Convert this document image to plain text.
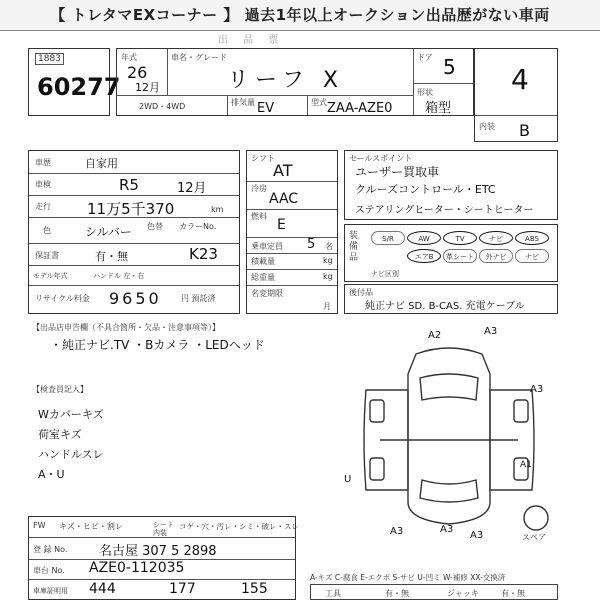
【 トレタマEXコーナー 】 過去1年以上オークション出品歴がない車両
出 品 票
1883
60277
年式
26
12月
車名・グレード
リーフ X
ドア 5
形状
箱型
2WD・4WD	排気量 EV	型式 ZAA-AZE0
4
内装 B
車歴	自家用
車検	R5	12月
走行 11万5千370	km
色	シルバー 色替 カラーNo.
保証書	有・無	K23
モデル年式	ハンドル 左・右
リサイクル料金 9650 円 預託済
シフト
AT
冷房
AAC
燃料
E
乗車定員 5 名
積載量	kg
総重量	kg
名変期限
月
セールスポイント
ユーザー買取車
クルーズコントロール・ETC
ステアリングヒーター・シートヒーター
装備品
S/R	AW	TV	ナビ	ABS
エアB	革シート	外ナビ	ナビ
ナビ区別
後付品
純正ナビ SD. B-CAS. 充電ケーブル
【出品店申告欄（不具合箇所・欠品・注意事項等）】
・純正ナビ.TV ・Bカメラ ・LEDヘッド
【検査員記入】
Wカバーキズ
荷室キズ
ハンドルスレ
A・U
A2	A3
A3
A1
U
A3	A3
A3	スペア
FW キズ・ヒビ・割レ	シート内装
コゲ・穴・汚レ・シミ・破レ・スレ
登 録 No. 名古屋 307 5 2898
車台 No. AZE0-112035
車庫証明用 444	177	155
A-キズ C-腐食 E-エクボ S-サビ U-凹ミ W-補修 XX-交換済
工具	有・無	ジャッキ	有・無
